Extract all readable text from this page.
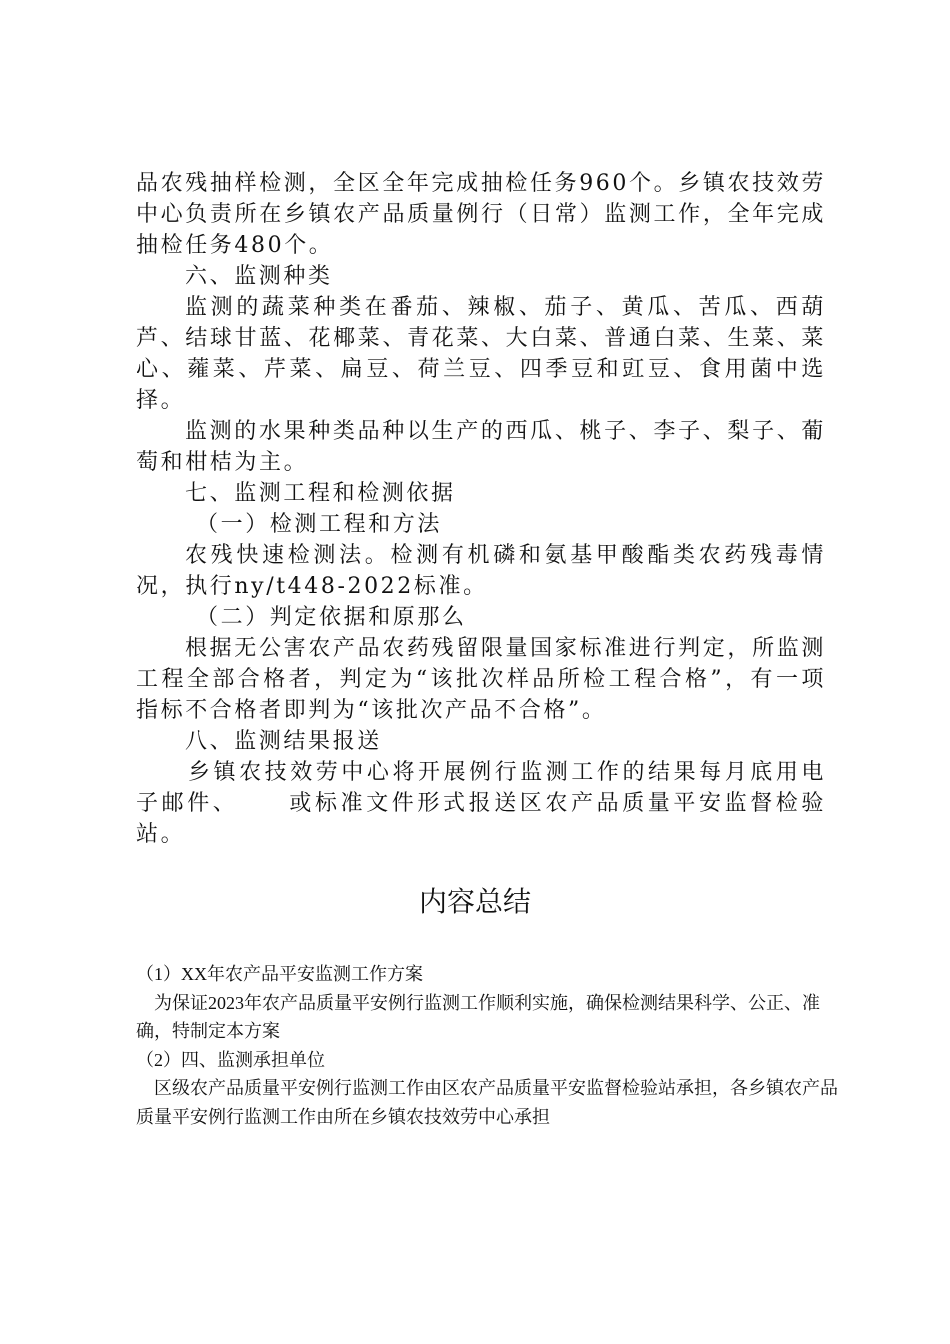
品农残抽样检测，全区全年完成抽检任务960个。乡镇农技效劳中心负责所在乡镇农产品质量例行（日常）监测工作，全年完成抽检任务480个。

六、监测种类

监测的蔬菜种类在番茄、辣椒、茄子、黄瓜、苦瓜、西葫芦、结球甘蓝、花椰菜、青花菜、大白菜、普通白菜、生菜、菜心、蕹菜、芹菜、扁豆、荷兰豆、四季豆和豇豆、食用菌中选择。

监测的水果种类品种以生产的西瓜、桃子、李子、梨子、葡萄和柑桔为主。

七、监测工程和检测依据

（一）检测工程和方法

农残快速检测法。检测有机磷和氨基甲酸酯类农药残毒情况，执行ny/t448-2022标准。

（二）判定依据和原那么

根据无公害农产品农药残留限量国家标准进行判定，所监测工程全部合格者，判定为“该批次样品所检工程合格”，有一项指标不合格者即判为“该批次产品不合格”。

八、监测结果报送

乡镇农技效劳中心将开展例行监测工作的结果每月底用电子邮件、 或标准文件形式报送区农产品质量平安监督检验站。

内容总结

（1）XX年农产品平安监测工作方案

为保证2023年农产品质量平安例行监测工作顺利实施，确保检测结果科学、公正、准确，特制定本方案

（2）四、监测承担单位

区级农产品质量平安例行监测工作由区农产品质量平安监督检验站承担，各乡镇农产品质量平安例行监测工作由所在乡镇农技效劳中心承担
